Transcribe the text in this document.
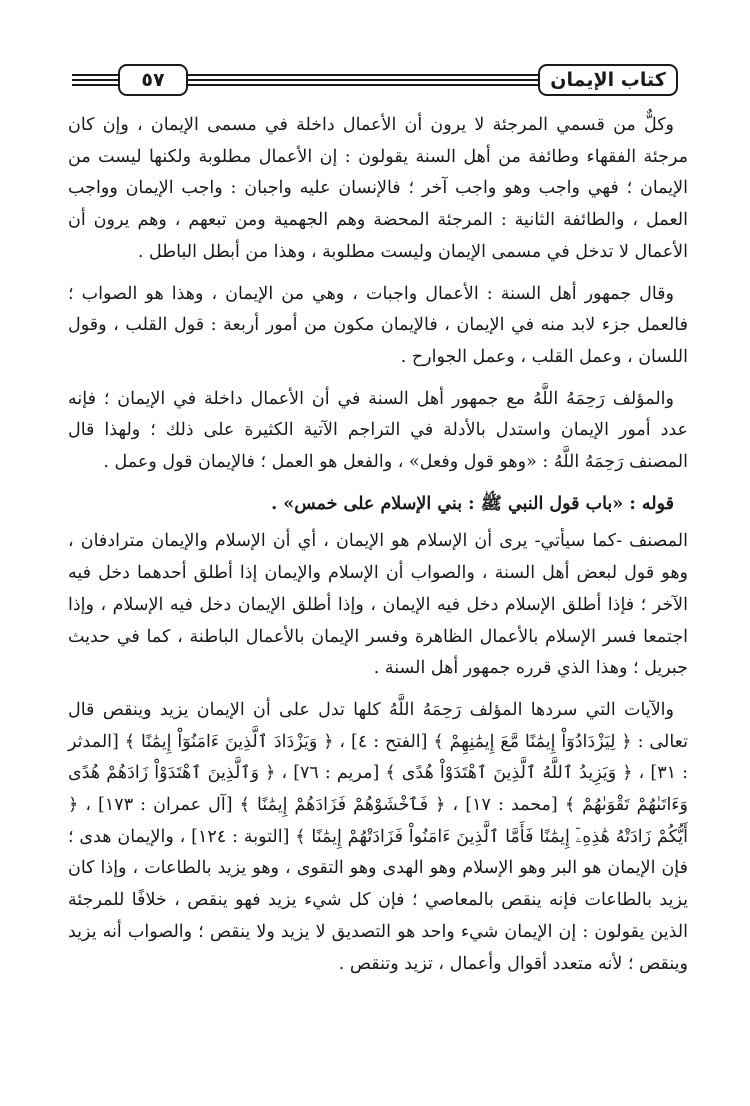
كتاب الإيمان
٥٧

وكلٌّ من قسمي المرجئة لا يرون أن الأعمال داخلة في مسمى الإيمان ، وإن كان مرجئة الفقهاء وطائفة من أهل السنة يقولون : إن الأعمال مطلوبة ولكنها ليست من الإيمان ؛ فهي واجب وهو واجب آخر ؛ فالإنسان عليه واجبان : واجب الإيمان وواجب العمل ، والطائفة الثانية : المرجئة المحضة وهم الجهمية ومن تبعهم ، وهم يرون أن الأعمال لا تدخل في مسمى الإيمان وليست مطلوبة ، وهذا من أبطل الباطل .

وقال جمهور أهل السنة : الأعمال واجبات ، وهي من الإيمان ، وهذا هو الصواب ؛ فالعمل جزء لابد منه في الإيمان ، فالإيمان مكون من أمور أربعة : قول القلب ، وقول اللسان ، وعمل القلب ، وعمل الجوارح .

والمؤلف رَحِمَهُ اللَّهُ مع جمهور أهل السنة في أن الأعمال داخلة في الإيمان ؛ فإنه عدد أمور الإيمان واستدل بالأدلة في التراجم الآتية الكثيرة على ذلك ؛ ولهذا قال المصنف رَحِمَهُ اللَّهُ : «وهو قول وفعل» ، والفعل هو العمل ؛ فالإيمان قول وعمل .

قوله : «باب قول النبي ﷺ : بني الإسلام على خمس» .

المصنف -كما سيأتي- يرى أن الإسلام هو الإيمان ، أي أن الإسلام والإيمان مترادفان ، وهو قول لبعض أهل السنة ، والصواب أن الإسلام والإيمان إذا أطلق أحدهما دخل فيه الآخر ؛ فإذا أطلق الإسلام دخل فيه الإيمان ، وإذا أطلق الإيمان دخل فيه الإسلام ، وإذا اجتمعا فسر الإسلام بالأعمال الظاهرة وفسر الإيمان بالأعمال الباطنة ، كما في حديث جبريل ؛ وهذا الذي قرره جمهور أهل السنة .

والآيات التي سردها المؤلف رَحِمَهُ اللَّهُ كلها تدل على أن الإيمان يزيد وينقص قال تعالى : ﴿ لِيَزْدَادُوٓاْ إِيمَٰنًا مَّعَ إِيمَٰنِهِمْ ﴾ [الفتح : ٤] ، ﴿ وَيَزْدَادَ ٱلَّذِينَ ءَامَنُوٓاْ إِيمَٰنًا ﴾ [المدثر : ٣١] ، ﴿ وَيَزِيدُ ٱللَّهُ ٱلَّذِينَ ٱهْتَدَوْاْ هُدًى ﴾ [مريم : ٧٦] ، ﴿ وَٱلَّذِينَ ٱهْتَدَوْاْ زَادَهُمْ هُدًى وَءَاتَىٰهُمْ تَقْوَىٰهُمْ ﴾ [محمد : ١٧] ، ﴿ فَٱخْشَوْهُمْ فَزَادَهُمْ إِيمَٰنًا ﴾ [آل عمران : ١٧٣] ، ﴿ أَيُّكُمْ زَادَتْهُ هَٰذِهِۦٓ إِيمَٰنًا فَأَمَّا ٱلَّذِينَ ءَامَنُواْ فَزَادَتْهُمْ إِيمَٰنًا ﴾ [التوبة : ١٢٤] ، والإيمان هدى ؛ فإن الإيمان هو البر وهو الإسلام وهو الهدى وهو التقوى ، وهو يزيد بالطاعات ، وإذا كان يزيد بالطاعات فإنه ينقص بالمعاصي ؛ فإن كل شيء يزيد فهو ينقص ، خلافًا للمرجئة الذين يقولون : إن الإيمان شيء واحد هو التصديق لا يزيد ولا ينقص ؛ والصواب أنه يزيد وينقص ؛ لأنه متعدد أقوال وأعمال ، تزيد وتنقص .
